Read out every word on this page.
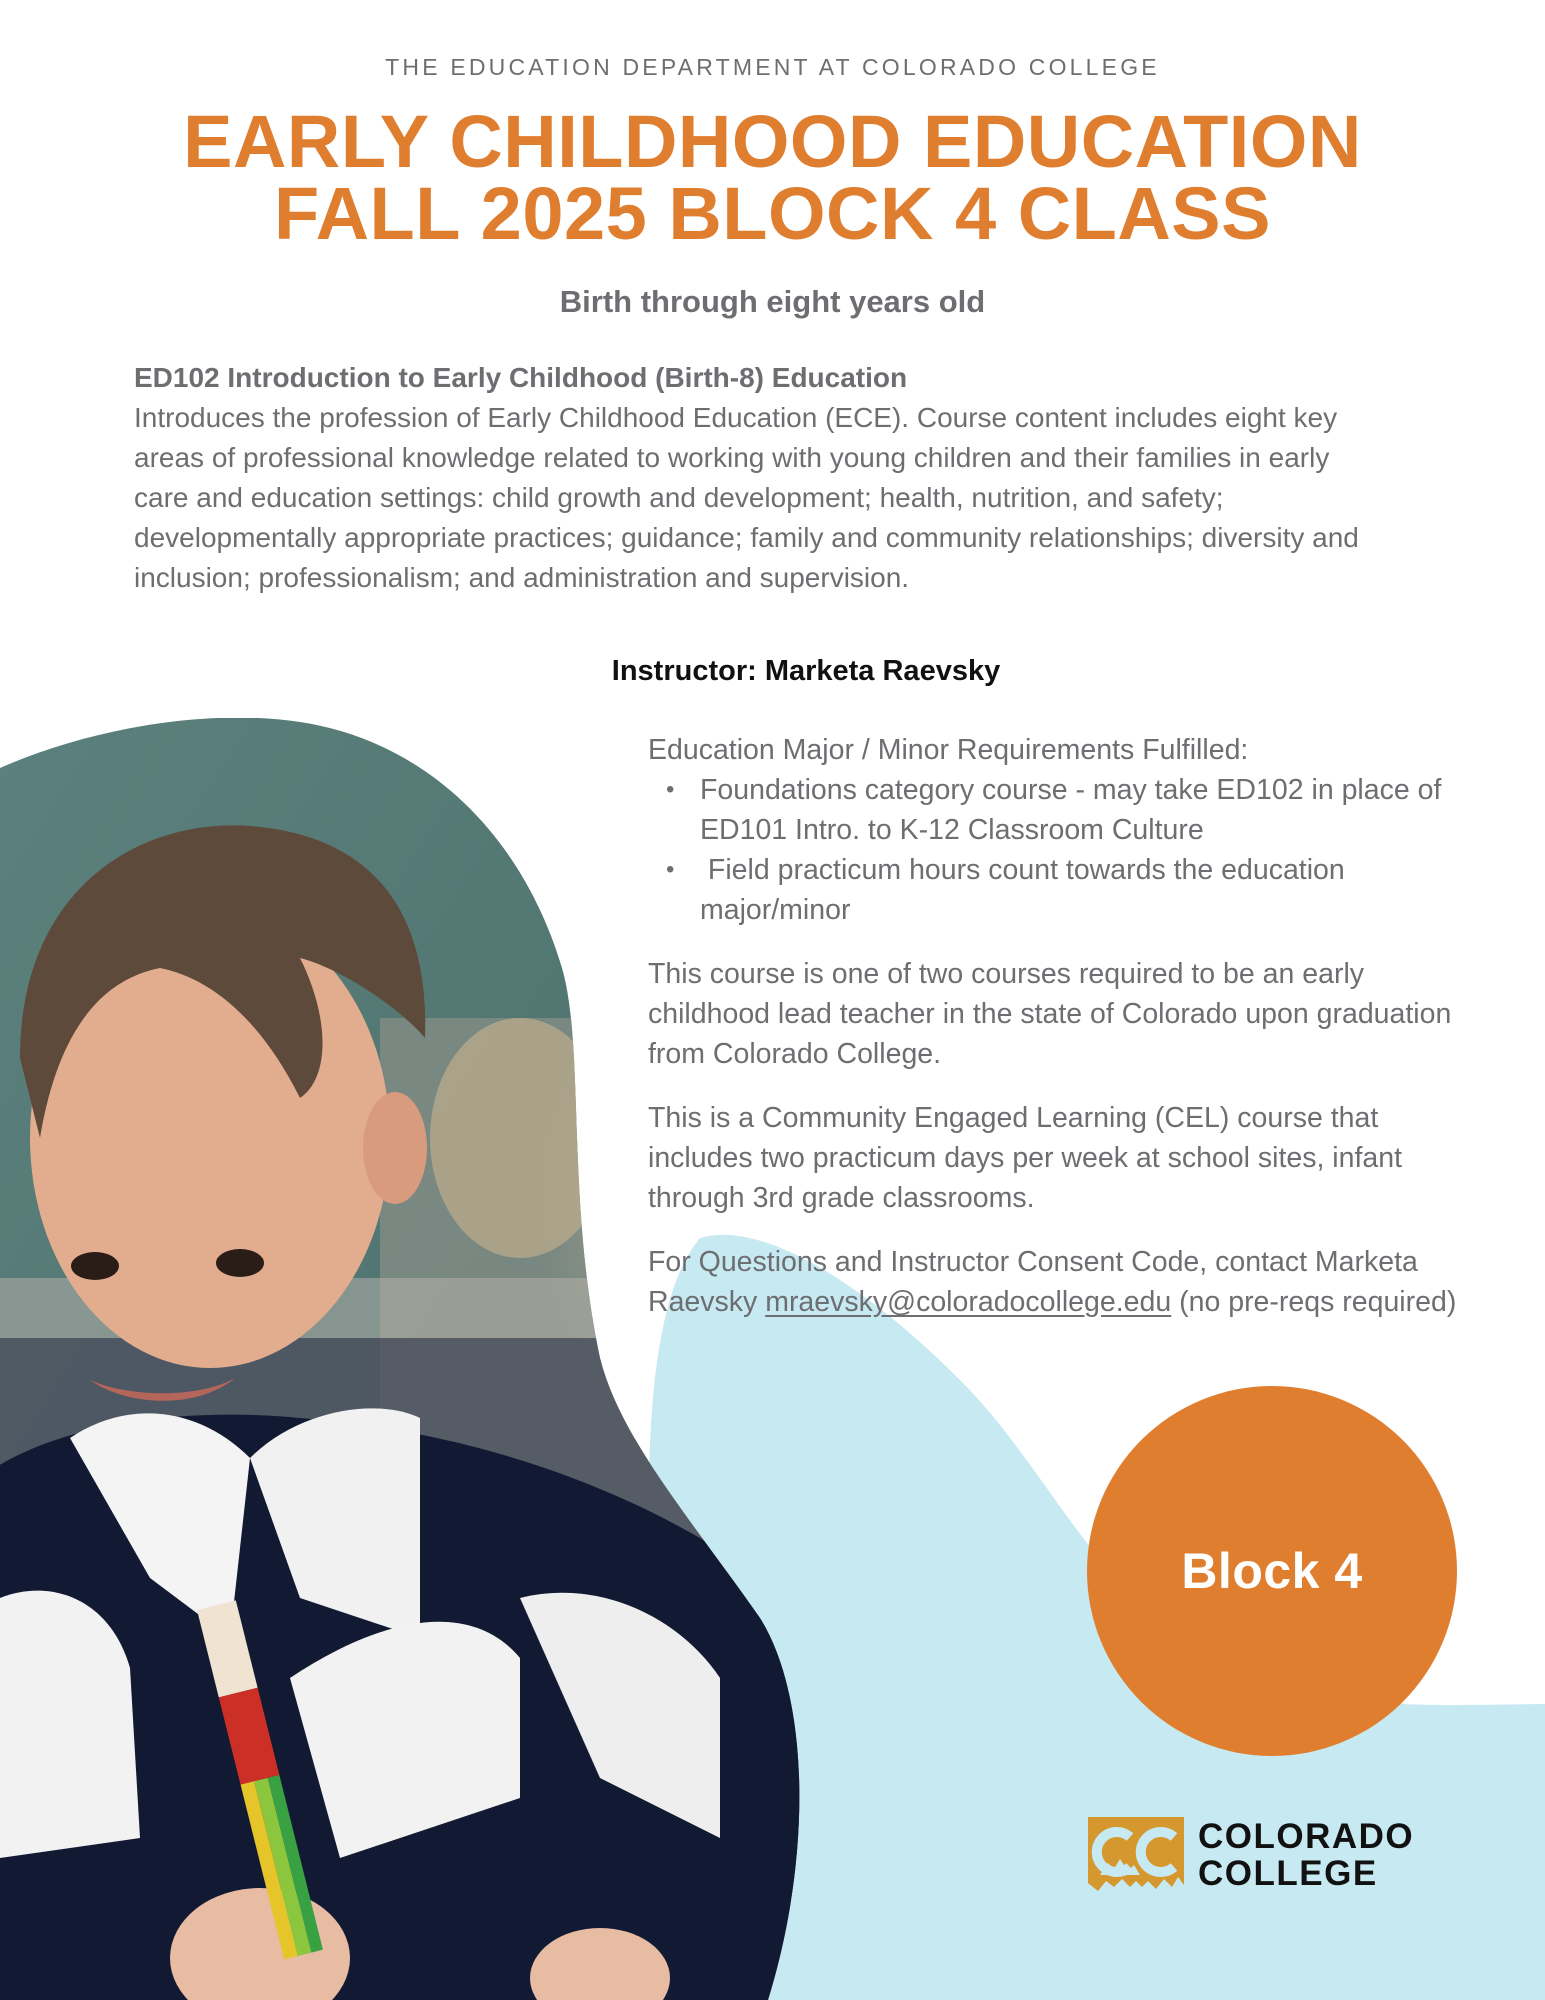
THE EDUCATION DEPARTMENT AT COLORADO COLLEGE
EARLY CHILDHOOD EDUCATION
FALL 2025 BLOCK 4 CLASS
Birth through eight years old
ED102 Introduction to Early Childhood (Birth-8) Education
Introduces the profession of Early Childhood Education (ECE). Course content includes eight key areas of professional knowledge related to working with young children and their families in early care and education settings: child growth and development; health, nutrition, and safety; developmentally appropriate practices; guidance; family and community relationships; diversity and inclusion; professionalism; and administration and supervision.
Instructor: Marketa Raevsky

Education Major / Minor Requirements Fulfilled:

• Foundations category course - may take ED102 in place of ED101 Intro. to K-12 Classroom Culture
• Field practicum hours count towards the education major/minor

This course is one of two courses required to be an early childhood lead teacher in the state of Colorado upon graduation from Colorado College.

This is a Community Engaged Learning (CEL) course that includes two practicum days per week at school sites, infant through 3rd grade classrooms.

For Questions and Instructor Consent Code, contact Marketa Raevsky mraevsky@coloradocollege.edu (no pre-reqs required)

Block 4
COLORADO
COLLEGE
